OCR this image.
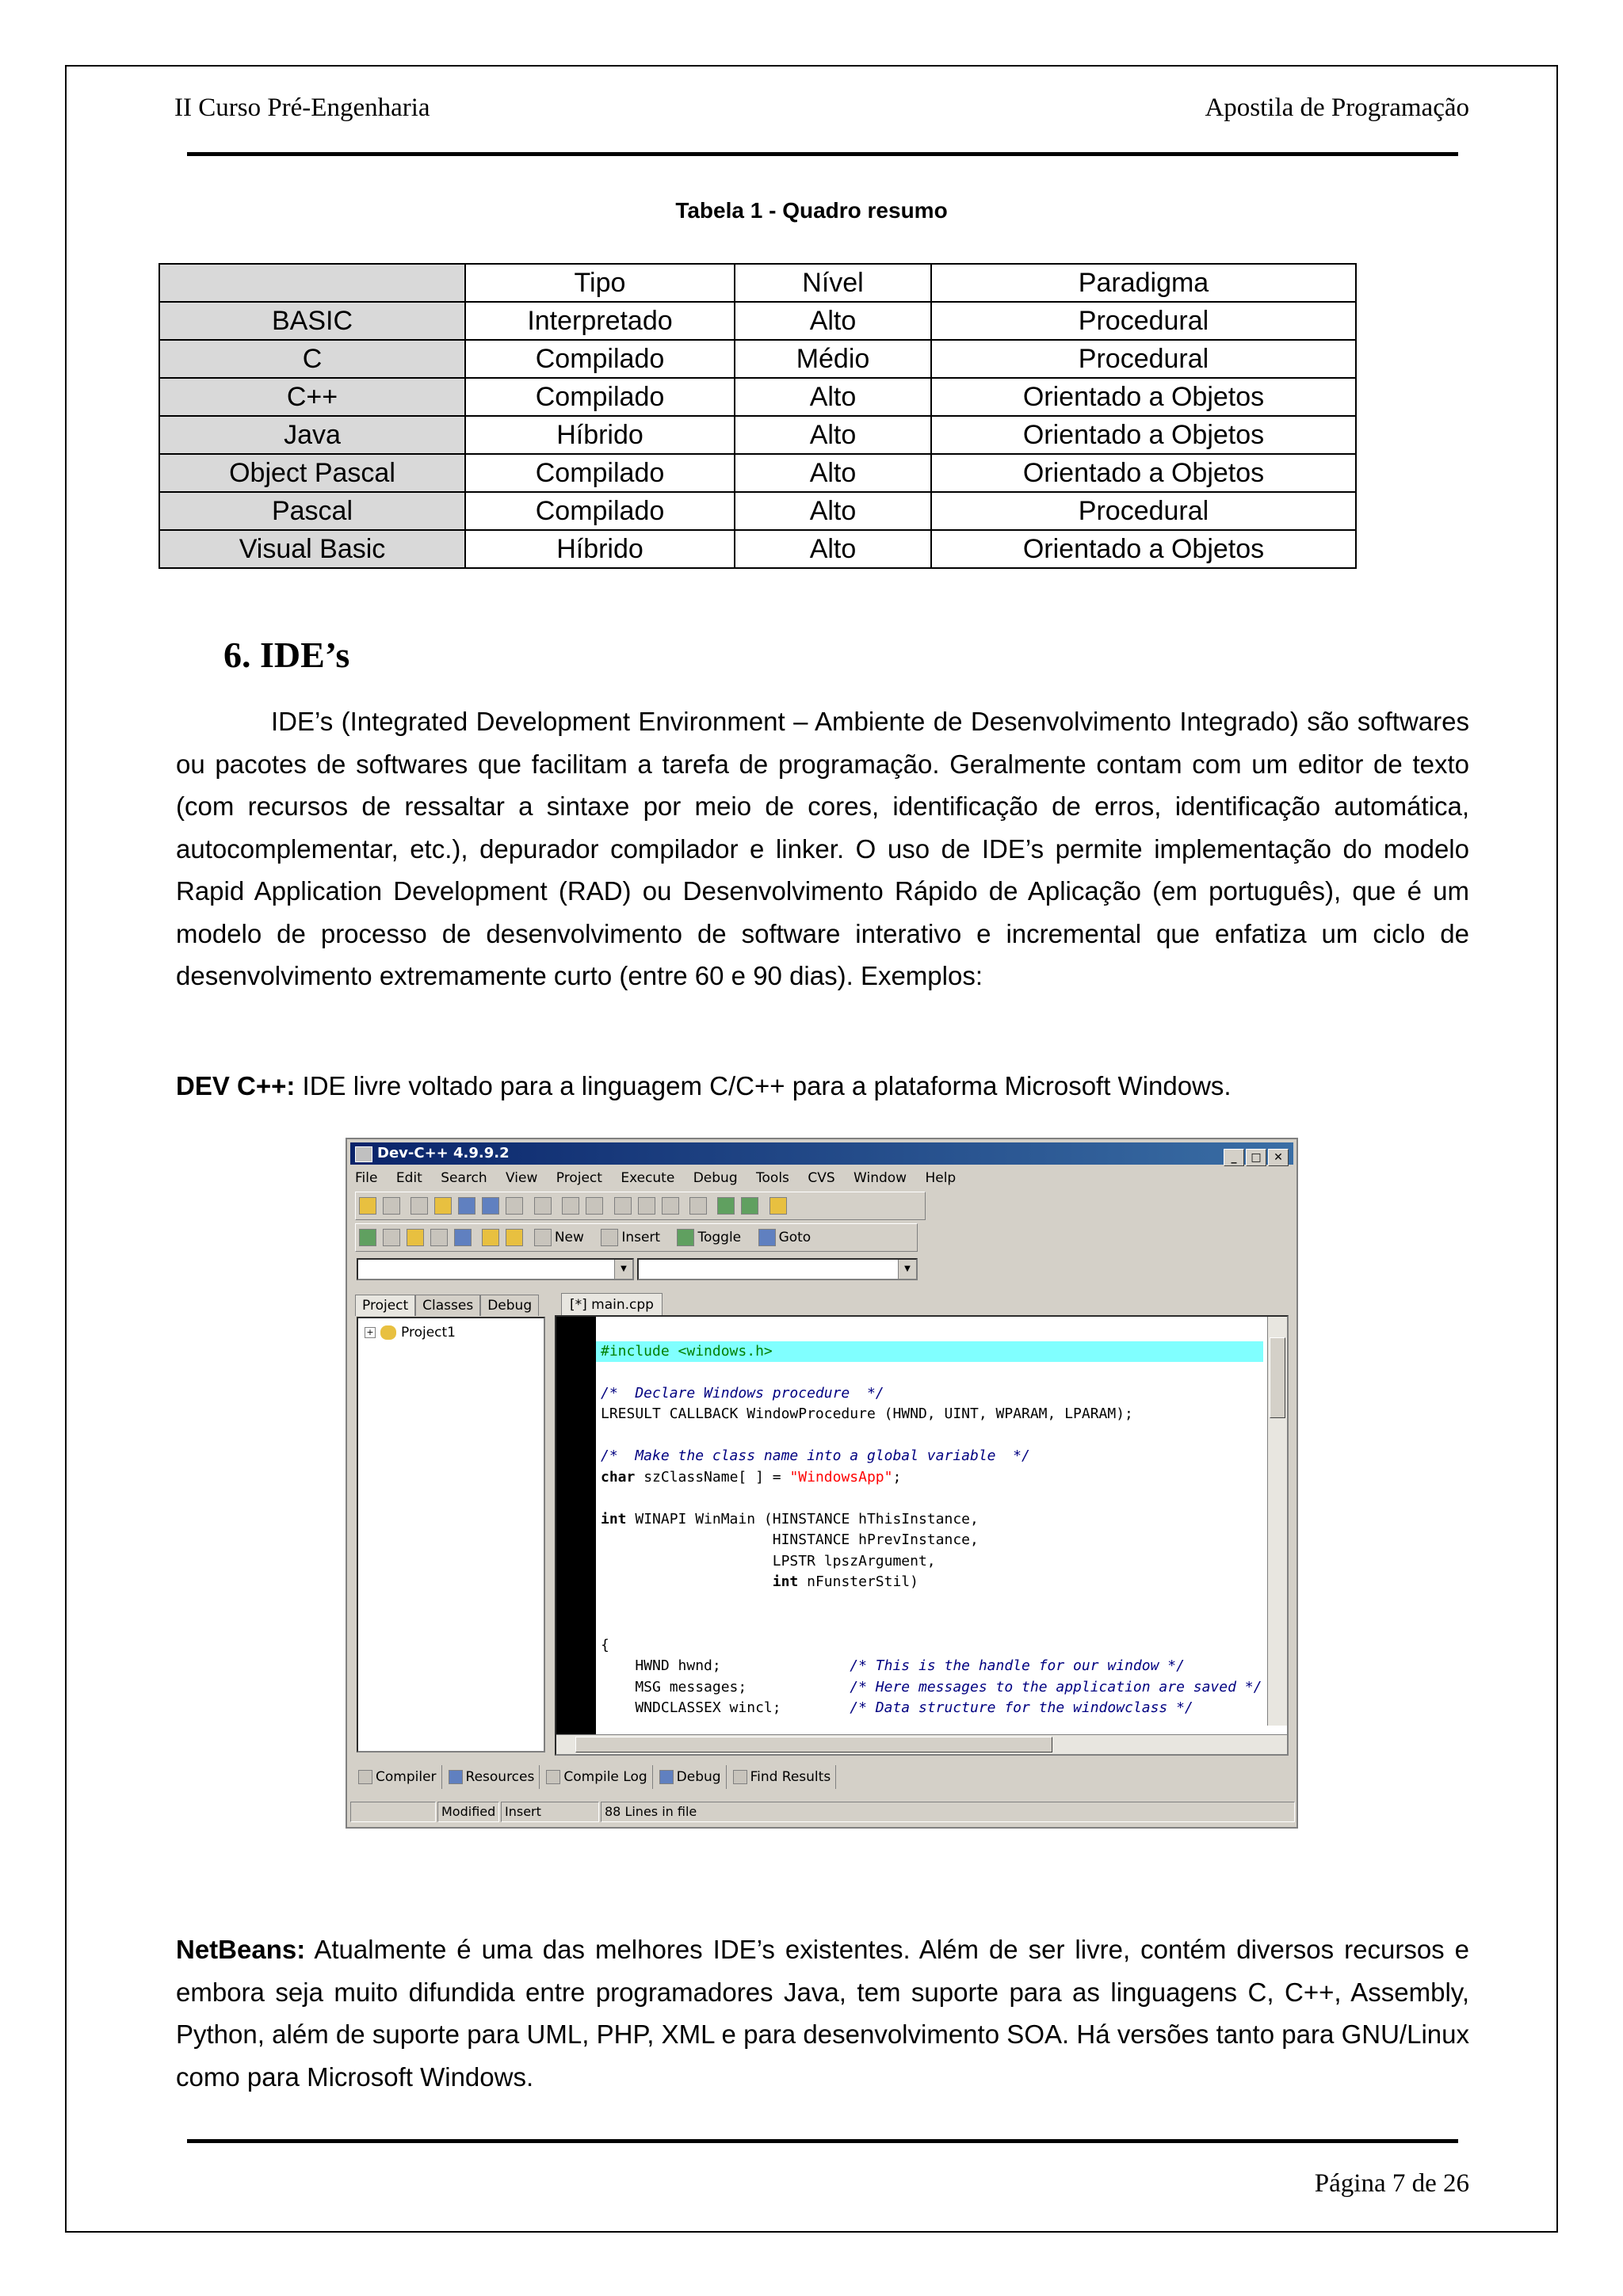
II Curso Pré-Engenharia	Apostila de Programação
Tabela 1 - Quadro resumo
	Tipo	Nível	Paradigma
BASIC	Interpretado	Alto	Procedural
C	Compilado	Médio	Procedural
C++	Compilado	Alto	Orientado a Objetos
Java	Híbrido	Alto	Orientado a Objetos
Object Pascal	Compilado	Alto	Orientado a Objetos
Pascal	Compilado	Alto	Procedural
Visual Basic	Híbrido	Alto	Orientado a Objetos
6. IDE’s

IDE’s (Integrated Development Environment – Ambiente de Desenvolvimento Integrado) são softwares ou pacotes de softwares que facilitam a tarefa de programação. Geralmente contam com um editor de texto (com recursos de ressaltar a sintaxe por meio de cores, identificação de erros, identificação automática, autocomplementar, etc.), depurador compilador e linker. O uso de IDE’s permite implementação do modelo Rapid Application Development (RAD) ou Desenvolvimento Rápido de Aplicação (em português), que é um modelo de processo de desenvolvimento de software interativo e incremental que enfatiza um ciclo de desenvolvimento extremamente curto (entre 60 e 90 dias). Exemplos:

DEV C++: IDE livre voltado para a linguagem C/C++ para a plataforma Microsoft Windows.

Dev-C++ 4.9.9.2	_ □ ✕
File Edit Search View Project Execute Debug Tools CVS Window Help

New	Insert	Toggle	Goto
▼	▼
Project Classes Debug
+ Project1
[*] main.cpp

#include <windows.h>
/*  Declare Windows procedure  */
LRESULT CALLBACK WindowProcedure (HWND, UINT, WPARAM, LPARAM);
/*  Make the class name into a global variable  */
char szClassName[ ] = "WindowsApp";
int WINAPI WinMain (HINSTANCE hThisInstance,
HINSTANCE hPrevInstance,
LPSTR lpszArgument,
int nFunsterStil)
{
HWND hwnd;               /* This is the handle for our window */
MSG messages;            /* Here messages to the application are saved */
WNDCLASSEX wincl;        /* Data structure for the windowclass */
Compiler Resources Compile Log Debug Find Results
Modified Insert	88 Lines in file

NetBeans: Atualmente é uma das melhores IDE’s existentes. Além de ser livre, contém diversos recursos e embora seja muito difundida entre programadores Java, tem suporte para as linguagens C, C++, Assembly, Python, além de suporte para UML, PHP, XML e para desenvolvimento SOA. Há versões tanto para GNU/Linux como para Microsoft Windows.

Página 7 de 26
